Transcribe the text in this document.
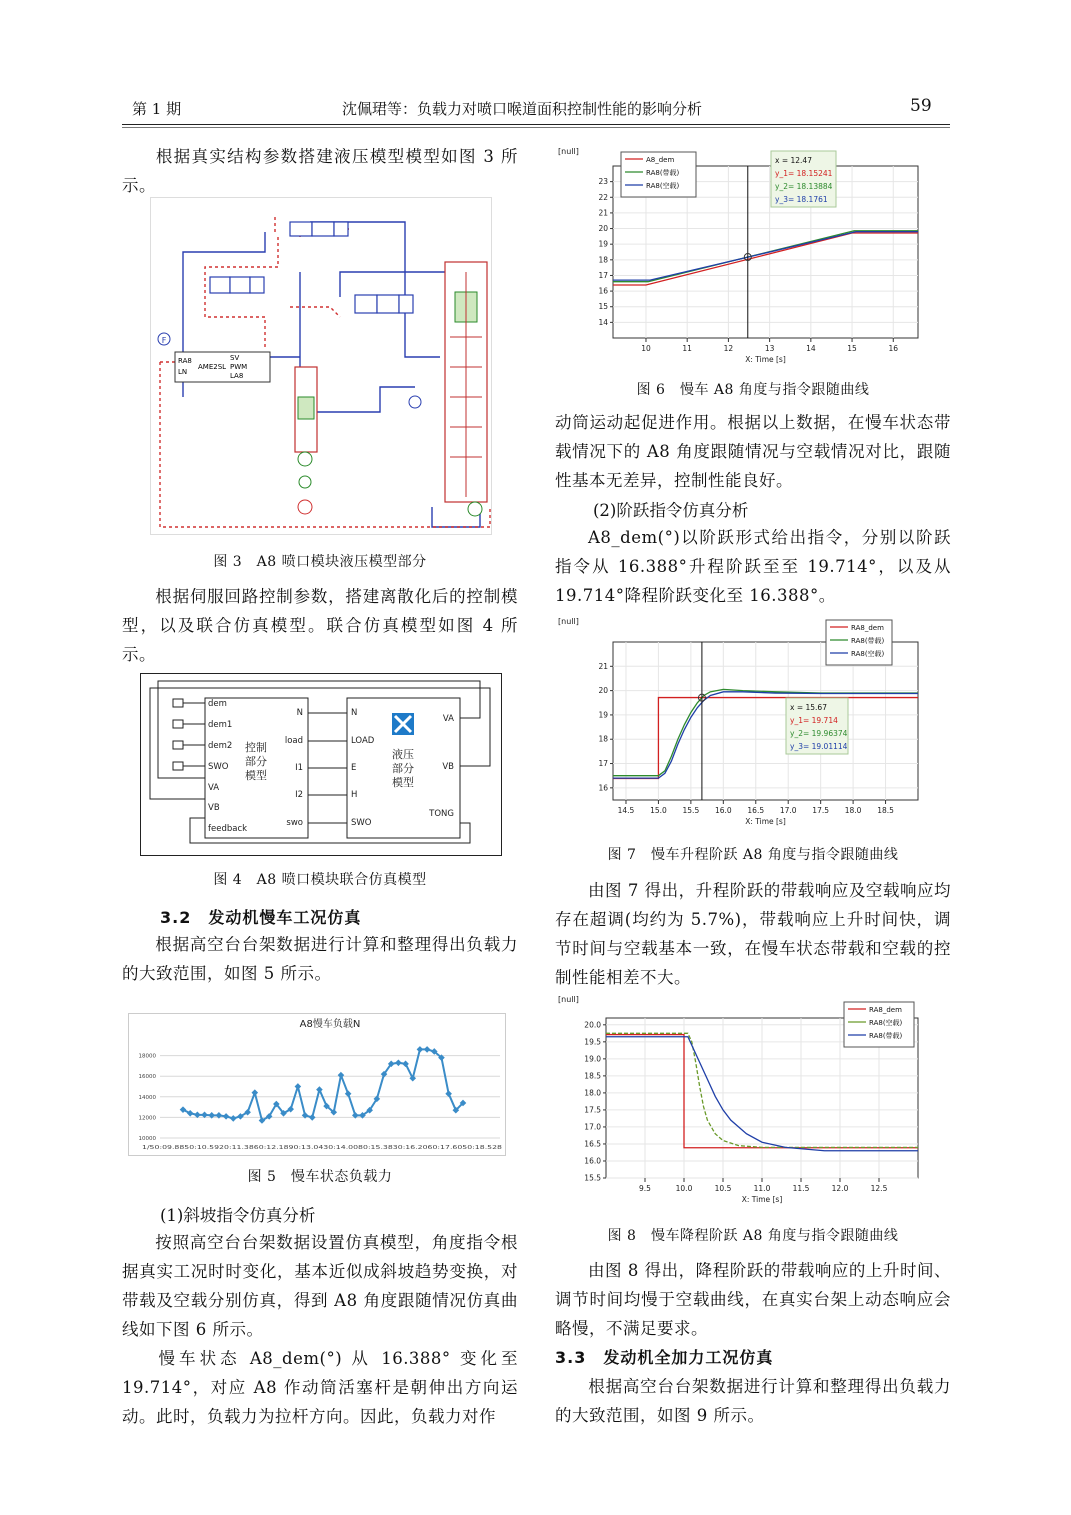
第 1 期	沈佩珺等：负载力对喷口喉道面积控制性能的影响分析	59
根据真实结构参数搭建液压模型模型如图 3 所示。
F
RA8
LN
AME2SL
SV
PWM
LA8
图 3　A8 喷口模块液压模型部分
根据伺服回路控制参数，搭建离散化后的控制模型，以及联合仿真模型。联合仿真模型如图 4 所示。
dem
dem1
dem2
SWO
VA
VB
feedback
N
load
I1
I2
swo
N
LOAD
E
H
SWO
VA
VB
TONG
控制
部分
模型
液压
部分
模型
图 4　A8 喷口模块联合仿真模型
3.2　发动机慢车工况仿真
根据高空台台架数据进行计算和整理得出负载力的大致范围，如图 5 所示。
A8慢车负载N
18000
16000
14000
12000
10000
1/50:09.8850:10.5920:11.3860:12.1890:13.0430:14.0080:15.3830:16.2060:17.6050:18.528
图 5　慢车状态负载力
(1)斜坡指令仿真分析
按照高空台台架数据设置仿真模型，角度指令根据真实工况时时变化，基本近似成斜坡趋势变换，对带载及空载分别仿真，得到 A8 角度跟随情况仿真曲线如下图 6 所示。
慢车状态 A8_dem(°) 从 16.388° 变化至 19.714°，对应 A8 作动筒活塞杆是朝伸出方向运动。此时，负载力为拉杆方向。因此，负载力对作
[null]
14
15
16
17
18
19
20
21
22
23
10	11	12	13	14	15	16
X: Time [s]
A8_dem
RA8(带载)
RA8(空载)
x = 12.47
y_1= 18.15241
y_2= 18.13884
y_3= 18.1761
图 6　慢车 A8 角度与指令跟随曲线
动筒运动起促进作用。根据以上数据，在慢车状态带载情况下的 A8 角度跟随情况与空载情况对比，跟随性基本无差异，控制性能良好。
(2)阶跃指令仿真分析
A8_dem(°)以阶跃形式给出指令，分别以阶跃指令从 16.388°升程阶跃至至 19.714°，以及从 19.714°降程阶跃变化至 16.388°。
[null]
16
17
18
19
20
21
14.5 15.0 15.5 16.0 16.5 17.0 17.5 18.0 18.5
X: Time [s]
RA8_dem
RA8(带载)
RA8(空载)
x = 15.67
y_1= 19.714
y_2= 19.96374
y_3= 19.01114
图 7　慢车升程阶跃 A8 角度与指令跟随曲线
由图 7 得出，升程阶跃的带载响应及空载响应均存在超调(均约为 5.7%)，带载响应上升时间快，调节时间与空载基本一致，在慢车状态带载和空载的控制性能相差不大。
[null]
15.5
16.0
16.5
17.0
17.5
18.0
18.5
19.0
19.5
20.0
9.5	10.0	10.5	11.0	11.5	12.0	12.5
X: Time [s]
RA8_dem
RA8(空载)
RA8(带载)
图 8　慢车降程阶跃 A8 角度与指令跟随曲线
由图 8 得出，降程阶跃的带载响应的上升时间、调节时间均慢于空载曲线，在真实台架上动态响应会略慢，不满足要求。
3.3　发动机全加力工况仿真
根据高空台台架数据进行计算和整理得出负载力的大致范围，如图 9 所示。
